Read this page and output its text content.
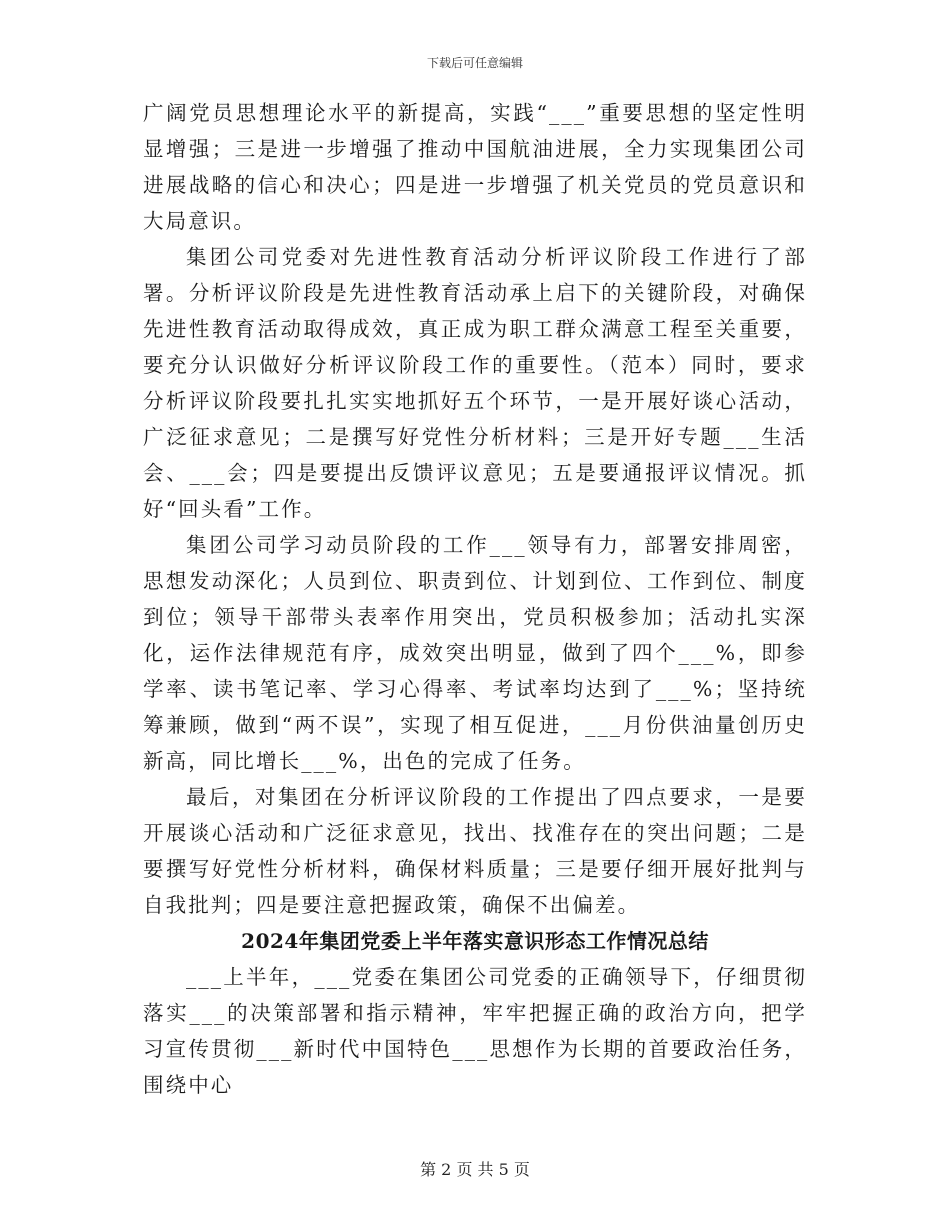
下载后可任意编辑

广阔党员思想理论水平的新提高，实践“___”重要思想的坚定性明显增强；三是进一步增强了推动中国航油进展，全力实现集团公司进展战略的信心和决心；四是进一步增强了机关党员的党员意识和大局意识。

集团公司党委对先进性教育活动分析评议阶段工作进行了部署。分析评议阶段是先进性教育活动承上启下的关键阶段，对确保先进性教育活动取得成效，真正成为职工群众满意工程至关重要，要充分认识做好分析评议阶段工作的重要性。（范本）同时，要求分析评议阶段要扎扎实实地抓好五个环节，一是开展好谈心活动，广泛征求意见；二是撰写好党性分析材料；三是开好专题___生活会、___会；四是要提出反馈评议意见；五是要通报评议情况。抓好“回头看”工作。

集团公司学习动员阶段的工作___领导有力，部署安排周密，思想发动深化；人员到位、职责到位、计划到位、工作到位、制度到位；领导干部带头表率作用突出，党员积极参加；活动扎实深化，运作法律规范有序，成效突出明显，做到了四个___%，即参学率、读书笔记率、学习心得率、考试率均达到了___%；坚持统筹兼顾，做到“两不误”，实现了相互促进，___月份供油量创历史新高，同比增长___%，出色的完成了任务。

最后，对集团在分析评议阶段的工作提出了四点要求，一是要开展谈心活动和广泛征求意见，找出、找准存在的突出问题；二是要撰写好党性分析材料，确保材料质量；三是要仔细开展好批判与自我批判；四是要注意把握政策，确保不出偏差。

2024年集团党委上半年落实意识形态工作情况总结

___上半年，___党委在集团公司党委的正确领导下，仔细贯彻落实___的决策部署和指示精神，牢牢把握正确的政治方向，把学习宣传贯彻___新时代中国特色___思想作为长期的首要政治任务，围绕中心

第 2 页 共 5 页
